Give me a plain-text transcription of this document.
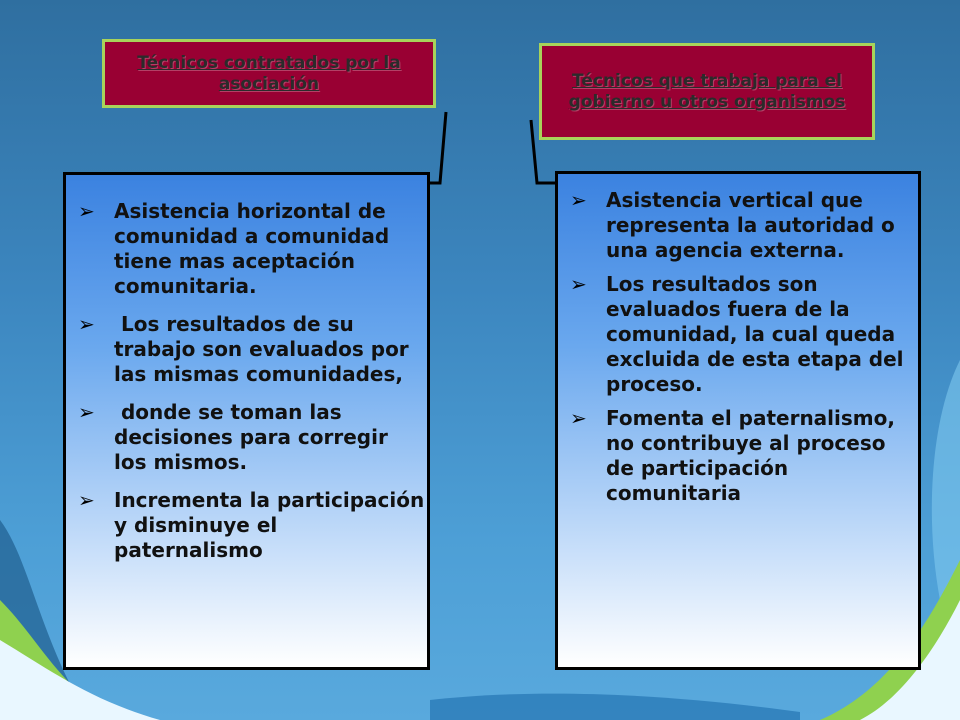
Técnicos contratados por la asociación	Técnicos que trabaja para el gobierno u otros organismos
➢ Asistencia horizontal de comunidad a comunidad tiene mas aceptación comunitaria.
➢ Los resultados de su trabajo son evaluados por las mismas comunidades,
➢ donde se toman las decisiones para corregir los mismos.
➢ Incrementa la participación y disminuye el paternalismo
➢ Asistencia vertical que representa la autoridad o una agencia externa.
➢ Los resultados son evaluados fuera de la comunidad, la cual queda excluida de esta etapa del proceso.
➢ Fomenta el paternalismo, no contribuye al proceso de participación comunitaria
